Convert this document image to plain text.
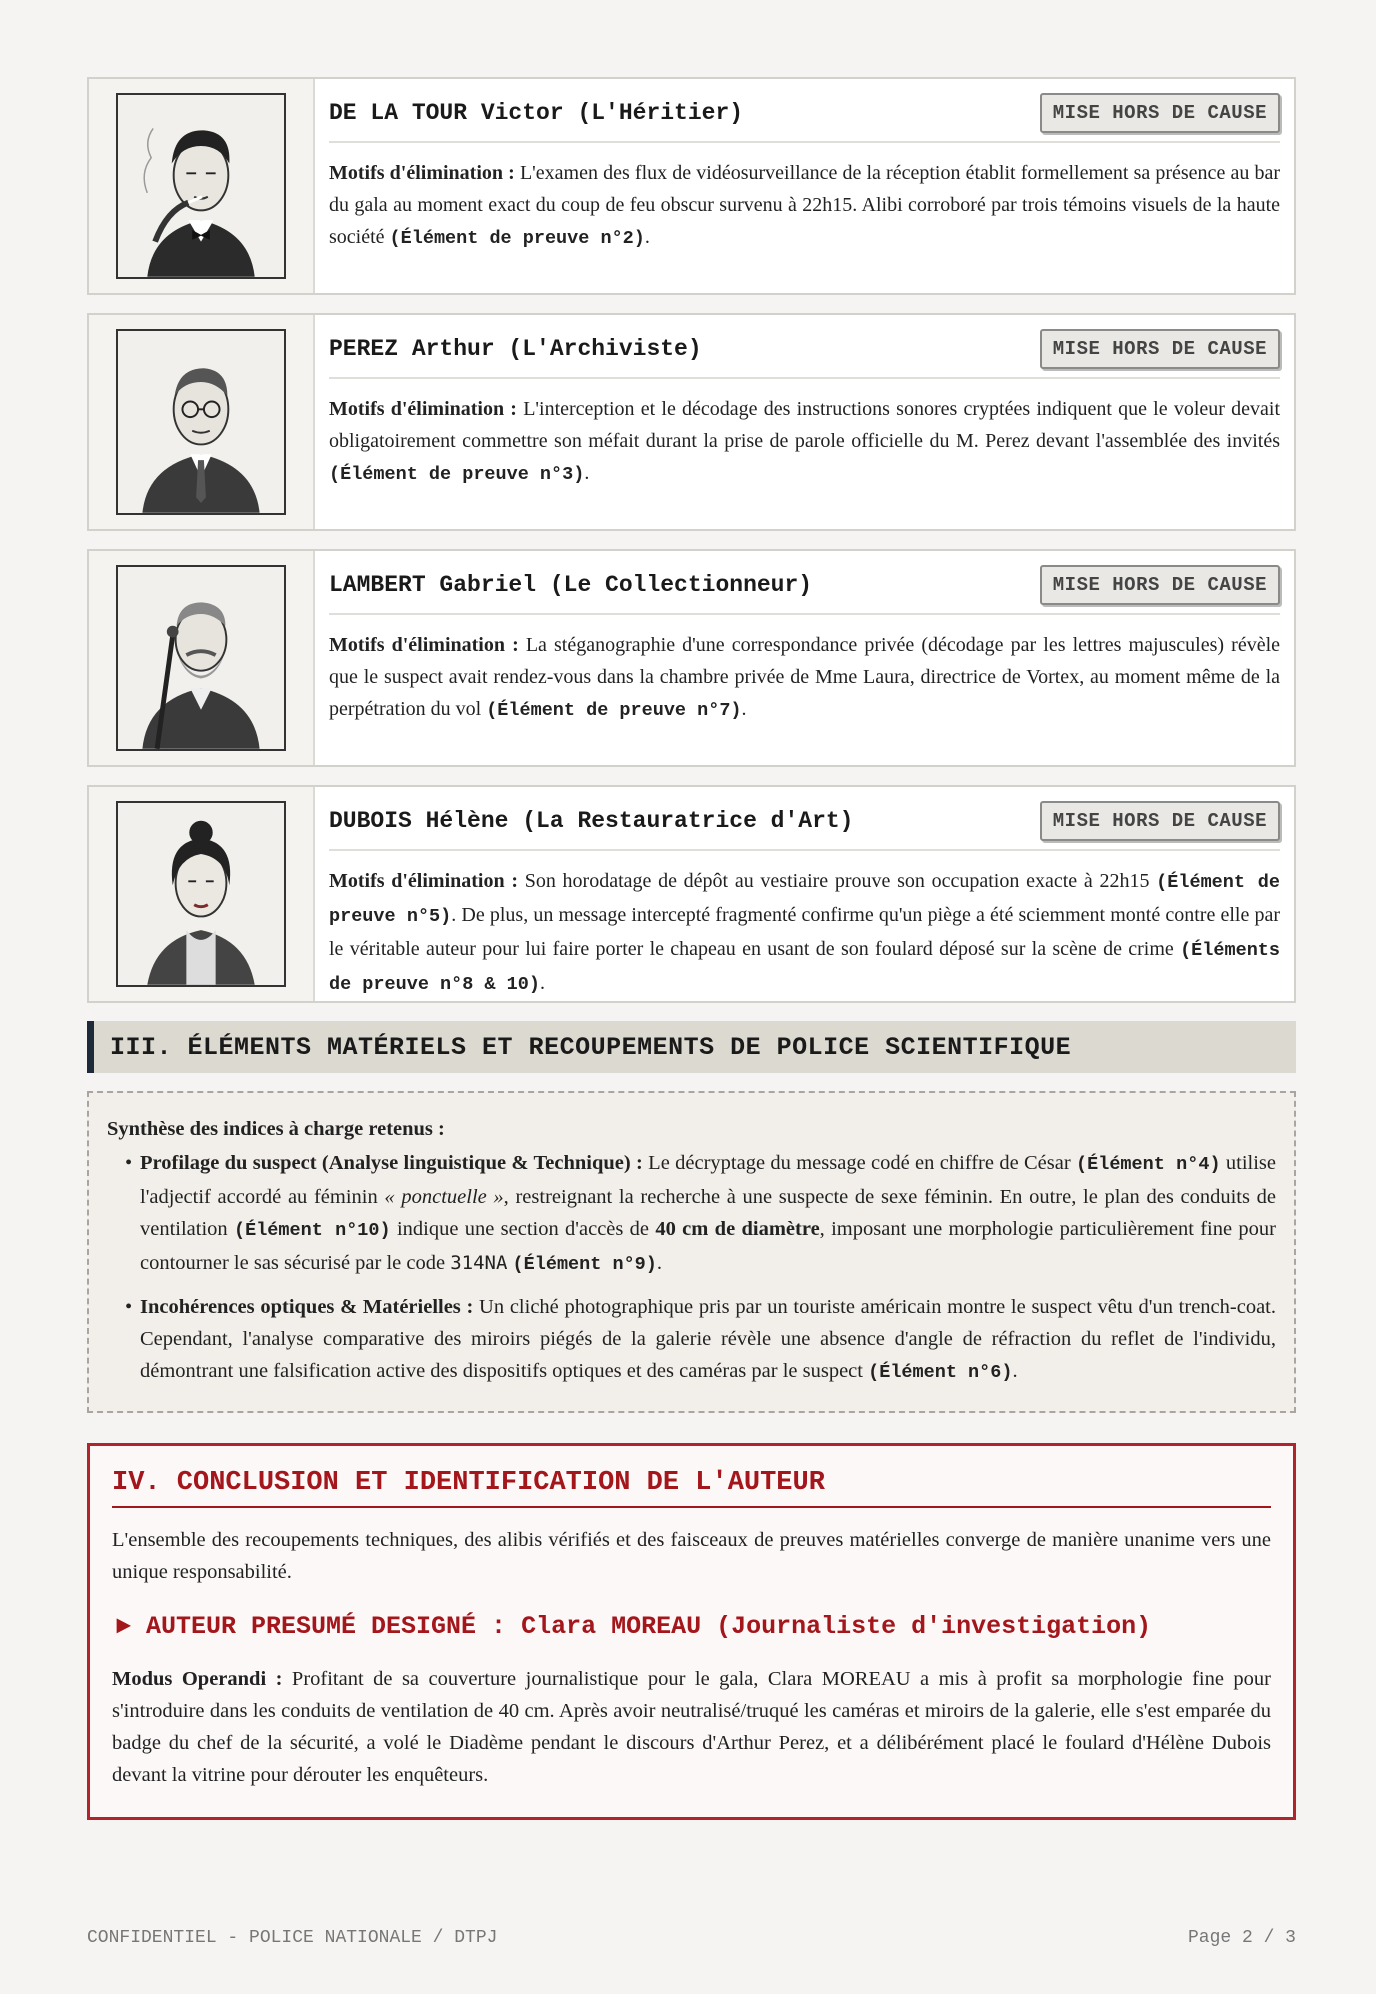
DE LA TOUR Victor (L'Héritier)	MISE HORS DE CAUSE

Motifs d'élimination : L'examen des flux de vidéosurveillance de la réception établit formellement sa présence au bar du gala au moment exact du coup de feu obscur survenu à 22h15. Alibi corroboré par trois témoins visuels de la haute société (Élément de preuve n°2).

PEREZ Arthur (L'Archiviste)	MISE HORS DE CAUSE

Motifs d'élimination : L'interception et le décodage des instructions sonores cryptées indiquent que le voleur devait obligatoirement commettre son méfait durant la prise de parole officielle du M. Perez devant l'assemblée des invités (Élément de preuve n°3).

LAMBERT Gabriel (Le Collectionneur)	MISE HORS DE CAUSE

Motifs d'élimination : La stéganographie d'une correspondance privée (décodage par les lettres majuscules) révèle que le suspect avait rendez-vous dans la chambre privée de Mme Laura, directrice de Vortex, au moment même de la perpétration du vol (Élément de preuve n°7).

DUBOIS Hélène (La Restauratrice d'Art)	MISE HORS DE CAUSE

Motifs d'élimination : Son horodatage de dépôt au vestiaire prouve son occupation exacte à 22h15 (Élément de preuve n°5). De plus, un message intercepté fragmenté confirme qu'un piège a été sciemment monté contre elle par le véritable auteur pour lui faire porter le chapeau en usant de son foulard déposé sur la scène de crime (Éléments de preuve n°8 & 10).

III. ÉLÉMENTS MATÉRIELS ET RECOUPEMENTS DE POLICE SCIENTIFIQUE
Synthèse des indices à charge retenus :
• Profilage du suspect (Analyse linguistique & Technique) : Le décryptage du message codé en chiffre de César (Élément n°4) utilise l'adjectif accordé au féminin « ponctuelle », restreignant la recherche à une suspecte de sexe féminin. En outre, le plan des conduits de ventilation (Élément n°10) indique une section d'accès de 40 cm de diamètre, imposant une morphologie particulièrement fine pour contourner le sas sécurisé par le code 314NA (Élément n°9).
• Incohérences optiques & Matérielles : Un cliché photographique pris par un touriste américain montre le suspect vêtu d'un trench-coat. Cependant, l'analyse comparative des miroirs piégés de la galerie révèle une absence d'angle de réfraction du reflet de l'individu, démontrant une falsification active des dispositifs optiques et des caméras par le suspect (Élément n°6).
IV. CONCLUSION ET IDENTIFICATION DE L'AUTEUR

L'ensemble des recoupements techniques, des alibis vérifiés et des faisceaux de preuves matérielles converge de manière unanime vers une unique responsabilité.

► AUTEUR PRESUMÉ DESIGNÉ : Clara MOREAU (Journaliste d'investigation)

Modus Operandi : Profitant de sa couverture journalistique pour le gala, Clara MOREAU a mis à profit sa morphologie fine pour s'introduire dans les conduits de ventilation de 40 cm. Après avoir neutralisé/truqué les caméras et miroirs de la galerie, elle s'est emparée du badge du chef de la sécurité, a volé le Diadème pendant le discours d'Arthur Perez, et a délibérément placé le foulard d'Hélène Dubois devant la vitrine pour dérouter les enquêteurs.

CONFIDENTIEL - POLICE NATIONALE / DTPJ	Page 2 / 3
